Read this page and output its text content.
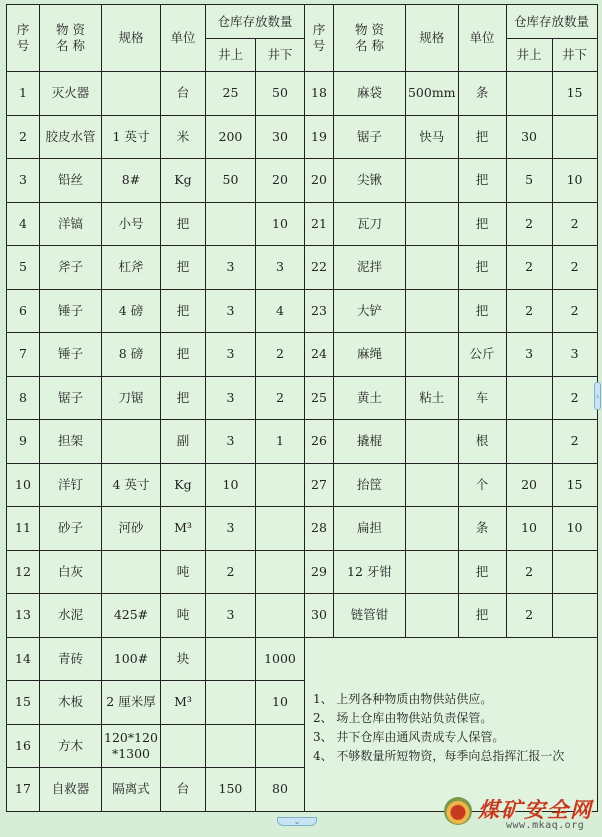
序
号	物 资
名 称	规格	单位	仓库存放数量		序
号	物 资
名 称	规格	单位	仓库存放数量	
				井上	井下					井上	井下
1	灭火器		台	25	50	18	麻袋	500mm	条		15
2	胶皮水管	1 英寸	米	200	30	19	锯子	快马	把	30	
3	铅丝	8#	Kg	50	20	20	尖锹		把	5	10
4	洋镐	小号	把		10	21	瓦刀		把	2	2
5	斧子	杠斧	把	3	3	22	泥拌		把	2	2
6	锤子	4 磅	把	3	4	23	大铲		把	2	2
7	锤子	8 磅	把	3	2	24	麻绳		公斤	3	3
8	锯子	刀锯	把	3	2	25	黄土	粘土	车		2
9	担架		副	3	1	26	撬棍		根		2
10	洋钉	4 英寸	Kg	10		27	抬筐		个	20	15
11	砂子	河砂	M³	3		28	扁担		条	10	10
12	白灰		吨	2		29	12 牙钳		把	2	
13	水泥	425#	吨	3		30	链管钳		把	2	
14	青砖	100#	块		1000	1、 上列各种物质由物供站供应。
2、 场上仓库由物供站负责保管。
3、 井下仓库由通风责成专人保管。
4、 不够数量所短物资，每季向总指挥汇报一次					

15	木板	2 厘米厚	M³		10						
16	方木	120*120
*1300									
17	自救器	隔离式	台	150	80						
›
⌄	煤矿安全网
www.mkaq.org
